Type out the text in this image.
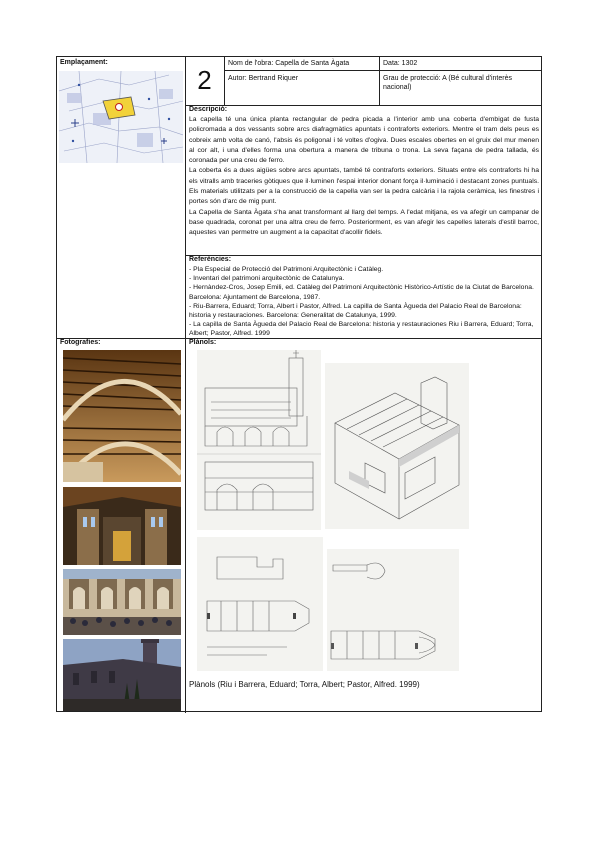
Emplaçament:
2
Nom de l'obra: Capella de Santa Àgata	Data: 1302
Autor: Bertrand Riquer	Grau de protecció: A (Bé cultural d'interès nacional)
Descripció:

La capella té una única planta rectangular de pedra picada a l'interior amb una coberta d'embigat de fusta policromada a dos vessants sobre arcs diafragmàtics apuntats i contraforts exteriors. Mentre el tram dels peus es cobreix amb volta de canó, l'absis és poligonal i té voltes d'ogiva. Dues escales obertes en el gruix del mur menen al cor alt, i una d'elles forma una obertura a manera de tribuna o trona. La seva façana de pedra tallada, és coronada per una creu de ferro.

La coberta és a dues aigües sobre arcs apuntats, també té contraforts exteriors. Situats entre els contraforts hi ha els vitralls amb traceries gòtiques que il·luminen l'espai interior donant força il·luminació i destacant zones puntuals. Els materials utilitzats per a la construcció de la capella van ser la pedra calcària i la rajola ceràmica, les finestres i portes són d'arc de mig punt.

La Capella de Santa Àgata s'ha anat transformant al llarg del temps. A l'edat mitjana, es va afegir un campanar de base quadrada, coronat per una altra creu de ferro. Posteriorment, es van afegir les capelles laterals d'estil barroc, aquestes van permetre un augment a la capacitat d'acollir fidels.

Referències:
- Pla Especial de Protecció del Patrimoni Arquitectònic i Catàleg.
- Inventari del patrimoni arquitectònic de Catalunya.
- Hernàndez-Cros, Josep Emili, ed. Catàleg del Patrimoni Arquitectònic Històrico-Artístic de la Ciutat de Barcelona. Barcelona: Ajuntament de Barcelona, 1987.
- Riu-Barrera, Eduard; Torra, Albert i Pastor, Alfred. La capilla de Santa Àgueda del Palacio Real de Barcelona: historia y restauraciones. Barcelona: Generalitat de Catalunya, 1999.
- La capilla de Santa Àgueda del Palacio Real de Barcelona: historia y restauraciones Riu i Barrera, Eduard; Torra, Albert; Pastor, Alfred. 1999
Fotografies:	Plànols:
Plànols (Riu i Barrera, Eduard; Torra, Albert; Pastor, Alfred. 1999)
